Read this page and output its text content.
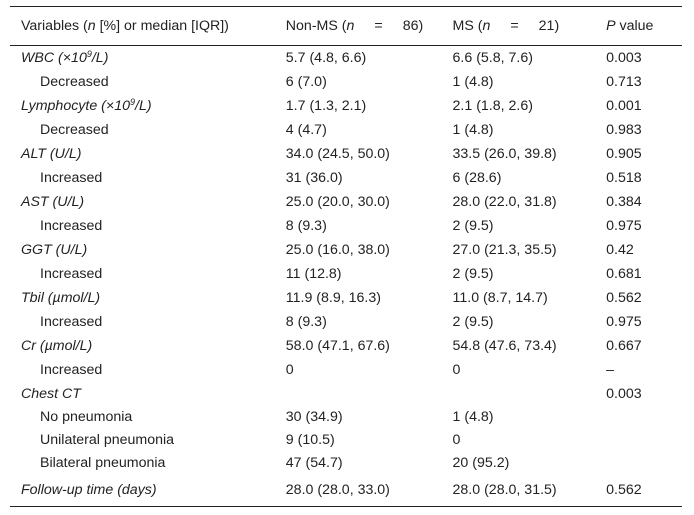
Variables (n [%] or median [IQR])	Non-MS (n = 86)	MS (n = 21)	P value
WBC $(\times 10^9/L)$	5.7 (4.8, 6.6)	6.6 (5.8, 7.6)	0.003
Decreased	6 (7.0)	1 (4.8)	0.713
Lymphocyte $(\times 10^9/L)$	1.7 (1.3, 2.1)	2.1 (1.8, 2.6)	0.001
Decreased	4 (4.7)	1 (4.8)	0.983
ALT (U/L)	34.0 (24.5, 50.0)	33.5 (26.0, 39.8)	0.905
Increased	31 (36.0)	6 (28.6)	0.518
AST (U/L)	25.0 (20.0, 30.0)	28.0 (22.0, 31.8)	0.384
Increased	8 (9.3)	2 (9.5)	0.975
GGT (U/L)	25.0 (16.0, 38.0)	27.0 (21.3, 35.5)	0.42
Increased	11 (12.8)	2 (9.5)	0.681
Tbil (µmol/L)	11.9 (8.9, 16.3)	11.0 (8.7, 14.7)	0.562
Increased	8 (9.3)	2 (9.5)	0.975
Cr (µmol/L)	58.0 (47.1, 67.6)	54.8 (47.6, 73.4)	0.667
Increased	0	0	–
Chest CT			0.003
No pneumonia	30 (34.9)	1 (4.8)	
Unilateral pneumonia	9 (10.5)	0	
Bilateral pneumonia	47 (54.7)	20 (95.2)	
Follow-up time (days)	28.0 (28.0, 33.0)	28.0 (28.0, 31.5)	0.562
